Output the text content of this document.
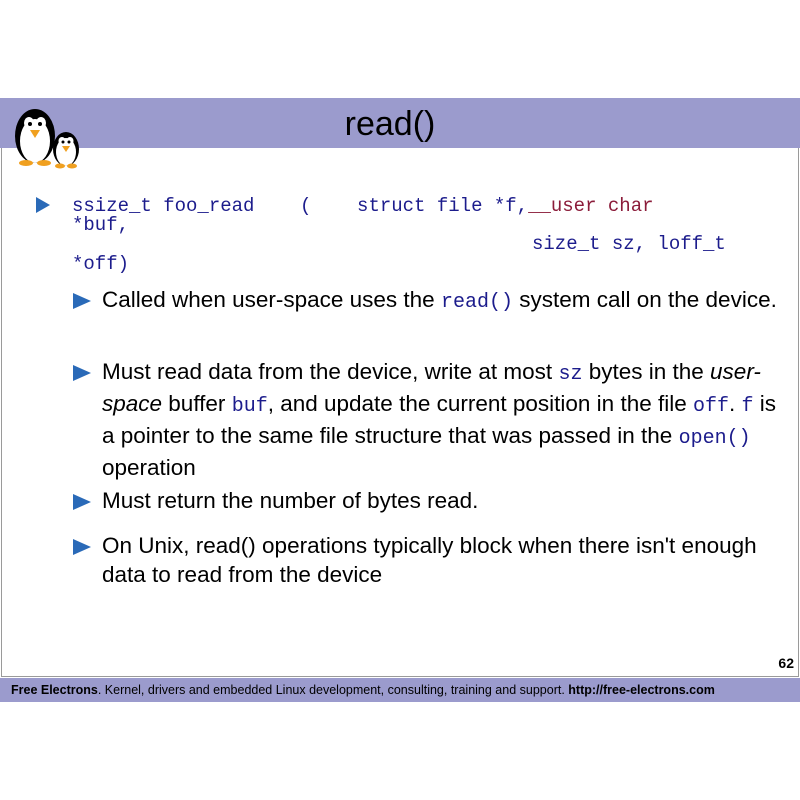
read()
ssize_t foo_read    (    struct file *f,__user char
*buf,
size_t sz, loff_t
*off)
Called when user-space uses the read() system call on the device.
Must read data from the device, write at most sz bytes in the user-space buffer buf, and update the current position in the file off. f is a pointer to the same file structure that was passed in the open() operation
Must return the number of bytes read.
On Unix, read() operations typically block when there isn't enough data to read from the device
62
Free Electrons. Kernel, drivers and embedded Linux development, consulting, training and support. http://free-electrons.com
